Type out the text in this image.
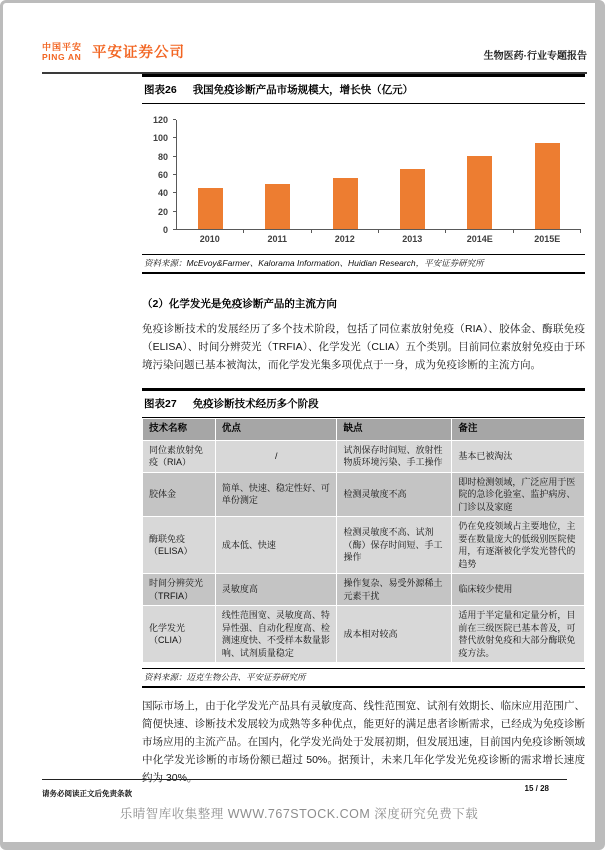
中国平安
PING AN 平安证券公司	生物医药·行业专题报告
图表26 我国免疫诊断产品市场规模大，增长快（亿元）
0
20
40
60
80
100
120
2010	2011	2012	2013	2014E	2015E
资料来源：McEvoy&Farmer、Kalorama Information、Huidian Research，平安证券研究所
（2）化学发光是免疫诊断产品的主流方向
免疫诊断技术的发展经历了多个技术阶段，包括了同位素放射免疫（RIA）、胶体金、酶联免疫（ELISA）、时间分辨荧光（TRFIA）、化学发光（CLIA）五个类别。目前同位素放射免疫由于环境污染问题已基本被淘汰，而化学发光集多项优点于一身，成为免疫诊断的主流方向。
图表27 免疫诊断技术经历多个阶段
技术名称	优点	缺点	备注
同位素放射免疫（RIA）	/	试剂保存时间短、放射性物质环境污染、手工操作	基本已被淘汰
胶体金	简单、快速、稳定性好、可单份测定	检测灵敏度不高	即时检测领域，广泛应用于医院的急诊化验室、监护病房、门诊以及家庭
酶联免疫（ELISA）	成本低、快速	检测灵敏度不高、试剂（酶）保存时间短、手工操作	仍在免疫领域占主要地位，主要在数量庞大的低级别医院使用，有逐渐被化学发光替代的趋势
时间分辨荧光（TRFIA）	灵敏度高	操作复杂、易受外源稀土元素干扰	临床较少使用
化学发光（CLIA）	线性范围宽、灵敏度高、特异性强、自动化程度高、检测速度快、不受样本数量影响、试剂质量稳定	成本相对较高	适用于半定量和定量分析，目前在三级医院已基本普及，可替代放射免疫和大部分酶联免疫方法。
资料来源：迈克生物公告、平安证券研究所
国际市场上，由于化学发光产品具有灵敏度高、线性范围宽、试剂有效期长、临床应用范围广、简便快速、诊断技术发展较为成熟等多种优点，能更好的满足患者诊断需求，已经成为免疫诊断市场应用的主流产品。在国内，化学发光尚处于发展初期，但发展迅速，目前国内免疫诊断领域中化学发光诊断的市场份额已超过 50%。据预计，未来几年化学发光免疫诊断的需求增长速度约为 30%。
15 / 28
请务必阅读正文后免责条款
乐晴智库收集整理 WWW.767STOCK.COM 深度研究免费下载
